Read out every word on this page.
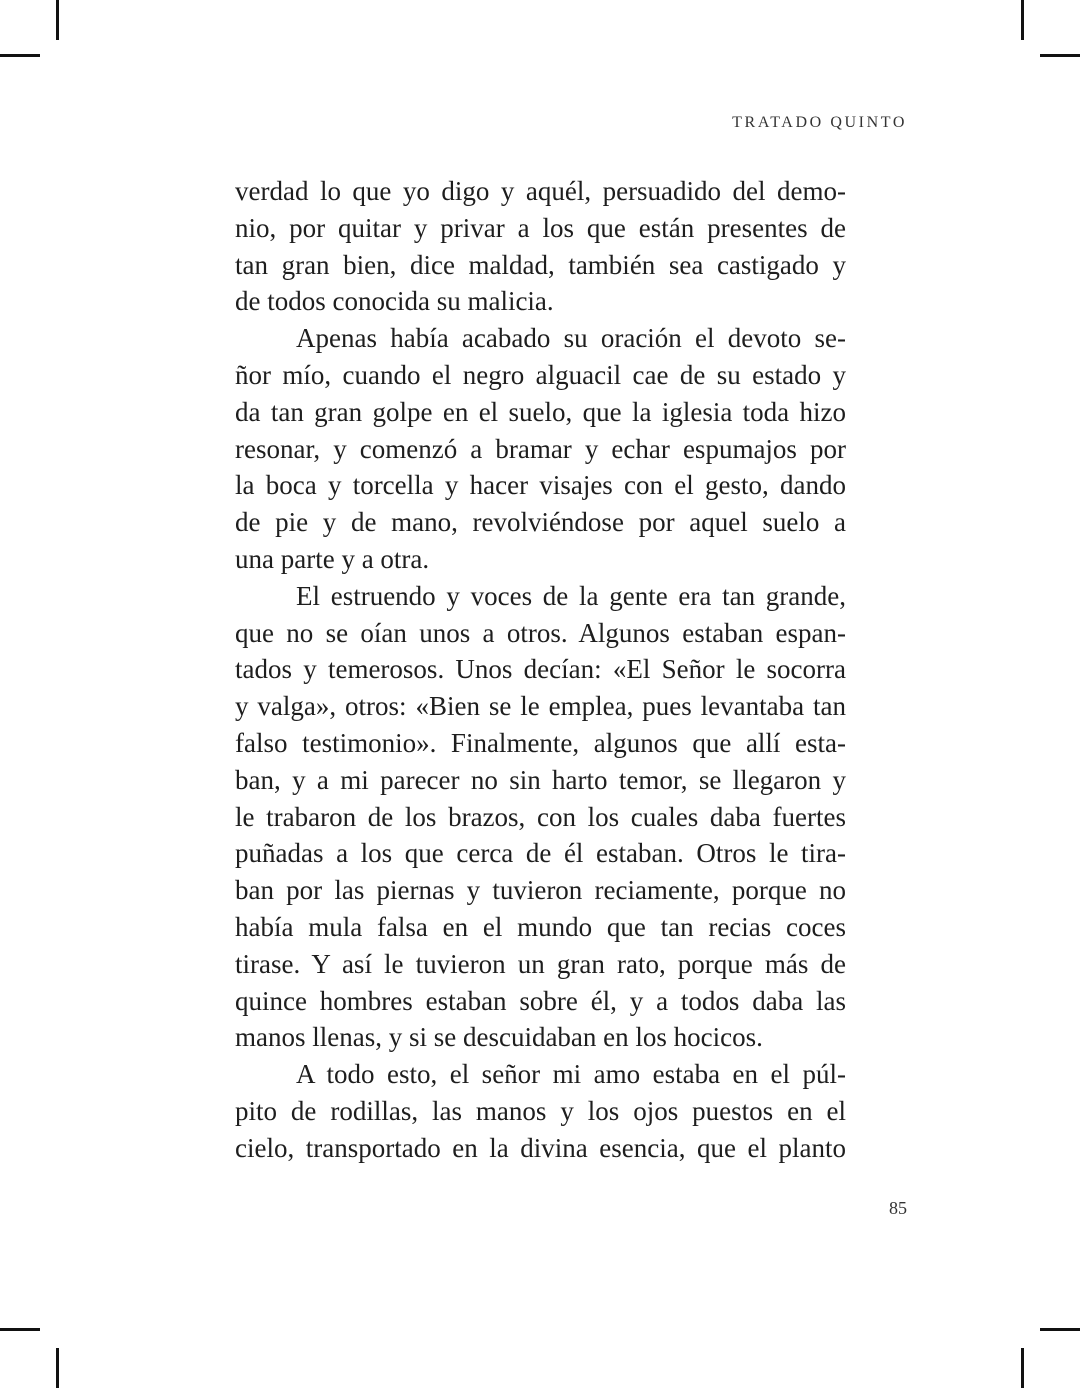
TRATADO QUINTO
verdad lo que yo digo y aquél, persuadido del demo-
nio, por quitar y privar a los que están presentes de
tan gran bien, dice maldad, también sea castigado y
de todos conocida su malicia.
Apenas había acabado su oración el devoto se-
ñor mío, cuando el negro alguacil cae de su estado y
da tan gran golpe en el suelo, que la iglesia toda hizo
resonar, y comenzó a bramar y echar espumajos por
la boca y torcella y hacer visajes con el gesto, dando
de pie y de mano, revolviéndose por aquel suelo a
una parte y a otra.
El estruendo y voces de la gente era tan grande,
que no se oían unos a otros. Algunos estaban espan-
tados y temerosos. Unos decían: «El Señor le socorra
y valga», otros: «Bien se le emplea, pues levantaba tan
falso testimonio». Finalmente, algunos que allí esta-
ban, y a mi parecer no sin harto temor, se llegaron y
le trabaron de los brazos, con los cuales daba fuertes
puñadas a los que cerca de él estaban. Otros le tira-
ban por las piernas y tuvieron reciamente, porque no
había mula falsa en el mundo que tan recias coces
tirase. Y así le tuvieron un gran rato, porque más de
quince hombres estaban sobre él, y a todos daba las
manos llenas, y si se descuidaban en los hocicos.
A todo esto, el señor mi amo estaba en el púl-
pito de rodillas, las manos y los ojos puestos en el
cielo, transportado en la divina esencia, que el planto
85
